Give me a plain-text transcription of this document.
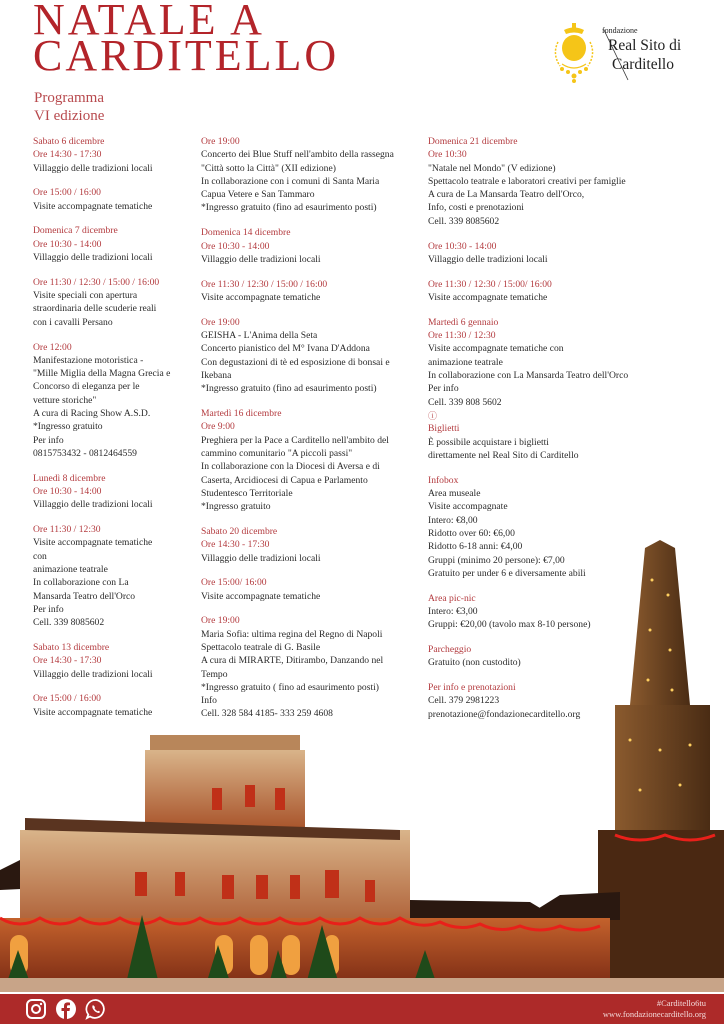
NATALE A
CARDITELLO
Programma
VI edizione
fondazione
Real Sito di
Carditello
Sabato 6 dicembre
Ore 14:30 - 17:30
Villaggio delle tradizioni locali
Ore 15:00 / 16:00
Visite accompagnate tematiche
Domenica 7 dicembre
Ore 10:30 - 14:00
Villaggio delle tradizioni locali
Ore 11:30 / 12:30 / 15:00 / 16:00
Visite speciali con apertura
straordinaria delle scuderie reali
con i cavalli Persano
Ore 12:00
Manifestazione motoristica -
"Mille Miglia della Magna Grecia e
Concorso di eleganza per le
vetture storiche"
A cura di Racing Show A.S.D.
*Ingresso gratuito
Per info
0815753432 - 0812464559
Lunedì 8 dicembre
Ore 10:30 - 14:00
Villaggio delle tradizioni locali
Ore 11:30 / 12:30
Visite accompagnate tematiche
con
animazione teatrale
In collaborazione con La
Mansarda Teatro dell'Orco
Per info
Cell. 339 8085602
Sabato 13 dicembre
Ore 14:30 - 17:30
Villaggio delle tradizioni locali
Ore 15:00 / 16:00
Visite accompagnate tematiche
Ore 19:00
Concerto dei Blue Stuff nell'ambito della rassegna
"Città sotto la Città" (XII edizione)
In collaborazione con i comuni di Santa Maria
Capua Vetere e San Tammaro
*Ingresso gratuito (fino ad esaurimento posti)
Domenica 14 dicembre
Ore 10:30 - 14:00
Villaggio delle tradizioni locali
Ore 11:30 / 12:30 / 15:00 / 16:00
Visite accompagnate tematiche
Ore 19:00
GEISHA - L'Anima della Seta
Concerto pianistico del M° Ivana D'Addona
Con degustazioni di tè ed esposizione di bonsai e
Ikebana
*Ingresso gratuito (fino ad esaurimento posti)
Martedì 16 dicembre
Ore 9:00
Preghiera per la Pace a Carditello nell'ambito del
cammino comunitario "A piccoli passi"
In collaborazione con la Diocesi di Aversa e di
Caserta, Arcidiocesi di Capua e Parlamento
Studentesco Territoriale
*Ingresso gratuito
Sabato 20 dicembre
Ore 14:30 - 17:30
Villaggio delle tradizioni locali
Ore 15:00/ 16:00
Visite accompagnate tematiche
Ore 19:00
Maria Sofia: ultima regina del Regno di Napoli
Spettacolo teatrale di G. Basile
A cura di MIRARTE, Ditirambo, Danzando nel
Tempo
*Ingresso gratuito ( fino ad esaurimento posti)
Info
Cell. 328 584 4185- 333 259 4608
Domenica 21 dicembre
Ore 10:30
"Natale nel Mondo" (V edizione)
Spettacolo teatrale e laboratori creativi per famiglie
A cura de La Mansarda Teatro dell'Orco,
Info, costi e prenotazioni
Cell. 339 8085602
Ore 10:30 - 14:00
Villaggio delle tradizioni locali
Ore 11:30 / 12:30 / 15:00/ 16:00
Visite accompagnate tematiche
Martedì 6 gennaio
Ore 11:30 / 12:30
Visite accompagnate tematiche con
animazione teatrale
In collaborazione con La Mansarda Teatro dell'Orco
Per info
Cell. 339 808 5602
ⓘ
Biglietti
È possibile acquistare i biglietti
direttamente nel Real Sito di Carditello
Infobox
Area museale
Visite accompagnate
Intero: €8,00
Ridotto over 60: €6,00
Ridotto 6-18 anni: €4,00
Gruppi (minimo 20 persone): €7,00
Gratuito per under 6 e diversamente abili
Area pic-nic
Intero: €3,00
Gruppi: €20,00 (tavolo max 8-10 persone)
Parcheggio
Gratuito (non custodito)
Per info e prenotazioni
Cell. 379 2981223
prenotazione@fondazionecarditello.org
#Carditello6tu
www.fondazionecarditello.org
